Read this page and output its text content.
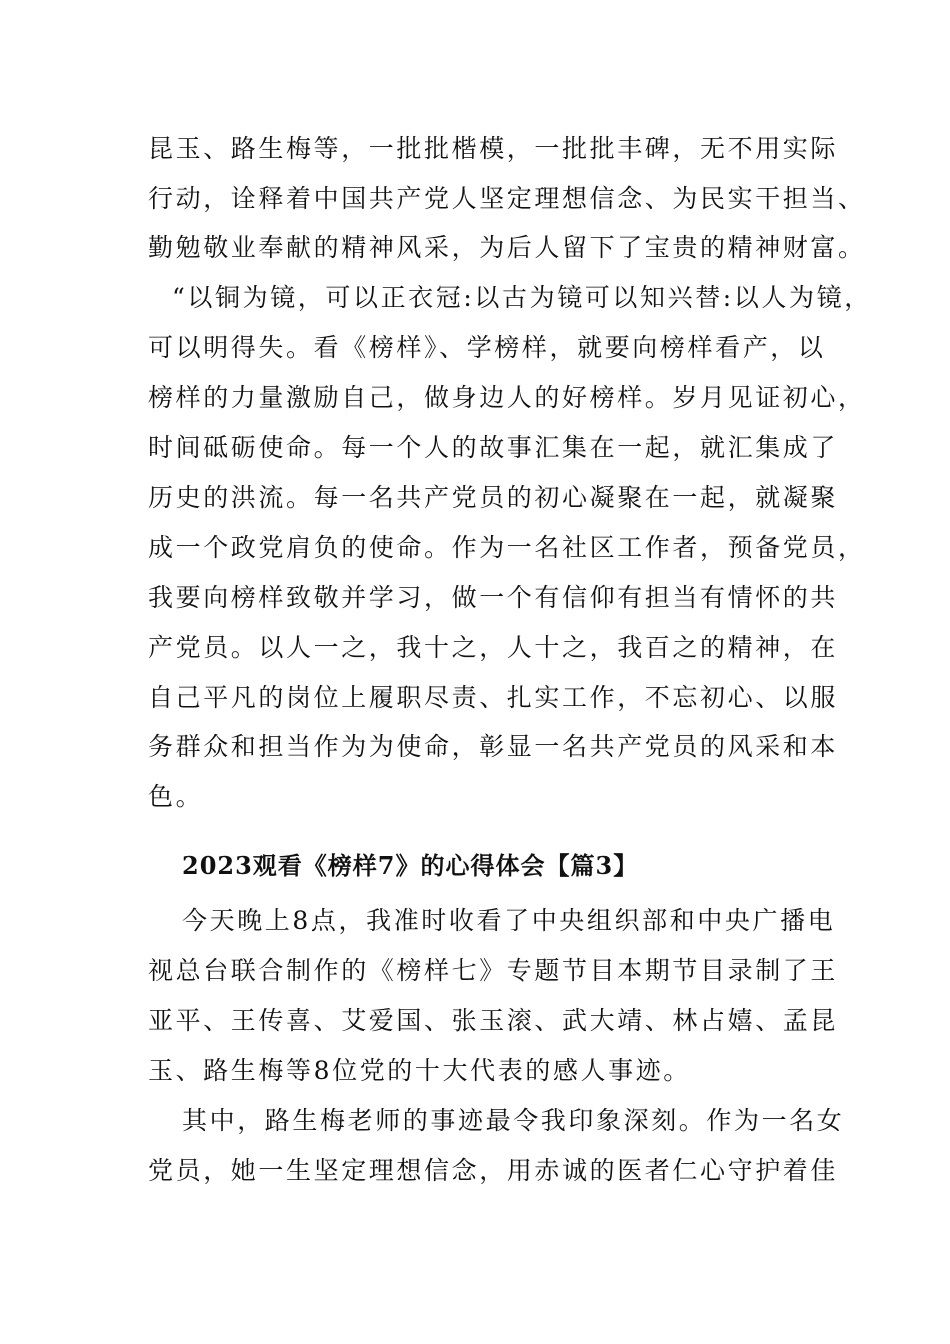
昆玉、路生梅等，一批批楷模，一批批丰碑，无不用实际
行动，诠释着中国共产党人坚定理想信念、为民实干担当、
勤勉敬业奉献的精神风采，为后人留下了宝贵的精神财富。
“以铜为镜，可以正衣冠:以古为镜可以知兴替:以人为镜，
可以明得失。看《榜样》、学榜样，就要向榜样看产，以
榜样的力量激励自己，做身边人的好榜样。岁月见证初心，
时间砥砺使命。每一个人的故事汇集在一起，就汇集成了
历史的洪流。每一名共产党员的初心凝聚在一起，就凝聚
成一个政党肩负的使命。作为一名社区工作者，预备党员，
我要向榜样致敬并学习，做一个有信仰有担当有情怀的共
产党员。以人一之，我十之，人十之，我百之的精神，在
自己平凡的岗位上履职尽责、扎实工作，不忘初心、以服
务群众和担当作为为使命，彰显一名共产党员的风采和本
色。
2023观看《榜样7》的心得体会【篇3】
今天晚上8点，我准时收看了中央组织部和中央广播电
视总台联合制作的《榜样七》专题节目本期节目录制了王
亚平、王传喜、艾爱国、张玉滚、武大靖、林占嬉、孟昆
玉、路生梅等8位党的十大代表的感人事迹。
其中，路生梅老师的事迹最令我印象深刻。作为一名女
党员，她一生坚定理想信念，用赤诚的医者仁心守护着佳
